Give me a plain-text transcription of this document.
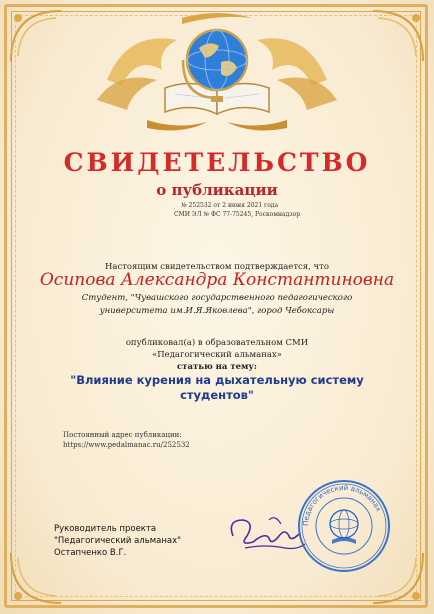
СВИДЕТЕЛЬСТВО
о публикации
№ 252532 от 2 июня 2021 года
СМИ ЭЛ № ФС 77-75245, Роскомнадзор
Настоящим свидетельством подтверждается, что
Осипова Александра Константиновна
Студент, "Чувашского государственного педагогического
университета им.И.Я.Яковлева", город Чебоксары
опубликовал(а) в образовательном СМИ
«Педагогический альманах»
статью на тему:
"Влияние курения на дыхательную систему
студентов"
Постоянный адрес публикации:
https://www.pedalmanac.ru/252532
Руководитель проекта
"Педагогический альманах"
Остапченко В.Г.
Педагогический альманах
